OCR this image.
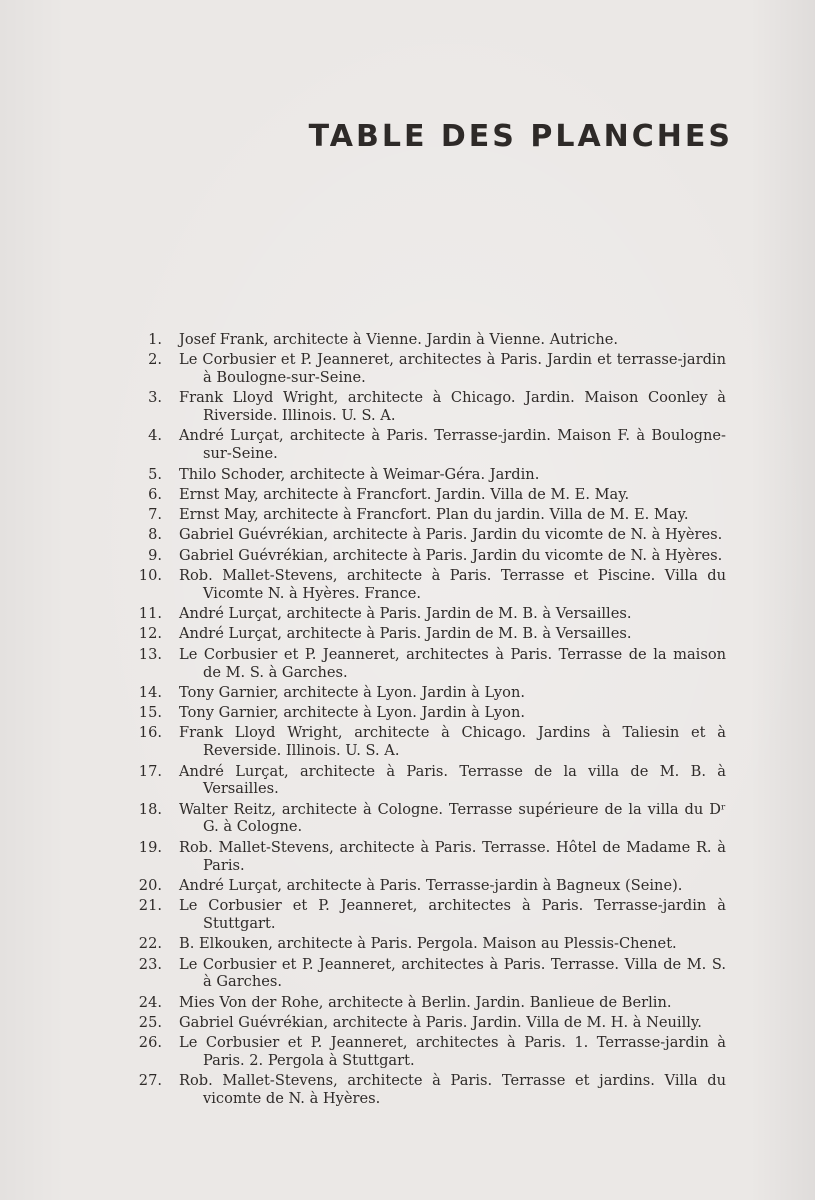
TABLE DES PLANCHES
1.	Josef Frank, architecte à Vienne. Jardin à Vienne. Autriche.
2.	Le Corbusier et P. Jeanneret, architectes à Paris. Jardin et terrasse-jardin à Boulogne-sur-Seine.
3.	Frank Lloyd Wright, architecte à Chicago. Jardin. Maison Coonley à Riverside. Illinois. U. S. A.
4.	André Lurçat, architecte à Paris. Terrasse-jardin. Maison F. à Boulogne-sur-Seine.
5.	Thilo Schoder, architecte à Weimar-Géra. Jardin.
6.	Ernst May, architecte à Francfort. Jardin. Villa de M. E. May.
7.	Ernst May, architecte à Francfort. Plan du jardin. Villa de M. E. May.
8.	Gabriel Guévrékian, architecte à Paris. Jardin du vicomte de N. à Hyères.
9.	Gabriel Guévrékian, architecte à Paris. Jardin du vicomte de N. à Hyères.
10.	Rob. Mallet-Stevens, architecte à Paris. Terrasse et Piscine. Villa du Vicomte N. à Hyères. France.
11.	André Lurçat, architecte à Paris. Jardin de M. B. à Versailles.
12.	André Lurçat, architecte à Paris. Jardin de M. B. à Versailles.
13.	Le Corbusier et P. Jeanneret, architectes à Paris. Terrasse de la maison de M. S. à Garches.
14.	Tony Garnier, architecte à Lyon. Jardin à Lyon.
15.	Tony Garnier, architecte à Lyon. Jardin à Lyon.
16.	Frank Lloyd Wright, architecte à Chicago. Jardins à Taliesin et à Reverside. Illinois. U. S. A.
17.	André Lurçat, architecte à Paris. Terrasse de la villa de M. B. à Versailles.
18.	Walter Reitz, architecte à Cologne. Terrasse supérieure de la villa du Dʳ G. à Cologne.
19.	Rob. Mallet-Stevens, architecte à Paris. Terrasse. Hôtel de Madame R. à Paris.
20.	André Lurçat, architecte à Paris. Terrasse-jardin à Bagneux (Seine).
21.	Le Corbusier et P. Jeanneret, architectes à Paris. Terrasse-jardin à Stuttgart.
22.	B. Elkouken, architecte à Paris. Pergola. Maison au Plessis-Chenet.
23.	Le Corbusier et P. Jeanneret, architectes à Paris. Terrasse. Villa de M. S. à Garches.
24.	Mies Von der Rohe, architecte à Berlin. Jardin. Banlieue de Berlin.
25.	Gabriel Guévrékian, architecte à Paris. Jardin. Villa de M. H. à Neuilly.
26.	Le Corbusier et P. Jeanneret, architectes à Paris. 1. Terrasse-jardin à Paris. 2. Pergola à Stuttgart.
27.	Rob. Mallet-Stevens, architecte à Paris. Terrasse et jardins. Villa du vicomte de N. à Hyères.
